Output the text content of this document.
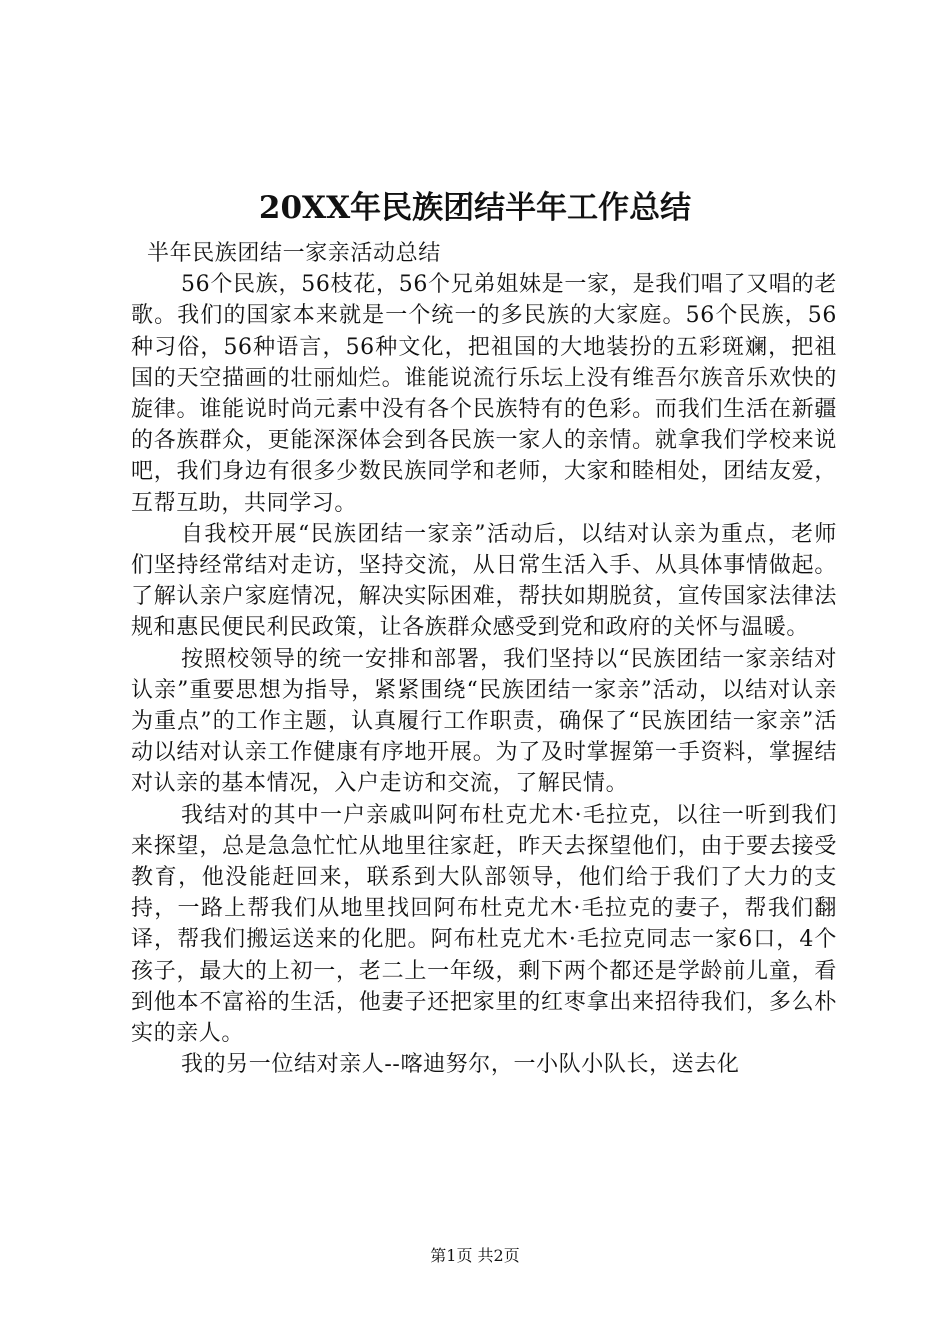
20XX年民族团结半年工作总结

半年民族团结一家亲活动总结

56个民族，56枝花，56个兄弟姐妹是一家，是我们唱了又唱的老歌。我们的国家本来就是一个统一的多民族的大家庭。56个民族，56种习俗，56种语言，56种文化，把祖国的大地装扮的五彩斑斓，把祖国的天空描画的壮丽灿烂。谁能说流行乐坛上没有维吾尔族音乐欢快的旋律。谁能说时尚元素中没有各个民族特有的色彩。而我们生活在新疆的各族群众，更能深深体会到各民族一家人的亲情。就拿我们学校来说吧，我们身边有很多少数民族同学和老师，大家和睦相处，团结友爱，互帮互助，共同学习。

自我校开展“民族团结一家亲”活动后，以结对认亲为重点，老师们坚持经常结对走访，坚持交流，从日常生活入手、从具体事情做起。了解认亲户家庭情况，解决实际困难，帮扶如期脱贫，宣传国家法律法规和惠民便民利民政策，让各族群众感受到党和政府的关怀与温暖。

按照校领导的统一安排和部署，我们坚持以“民族团结一家亲结对认亲”重要思想为指导，紧紧围绕“民族团结一家亲”活动，以结对认亲为重点”的工作主题，认真履行工作职责，确保了“民族团结一家亲”活动以结对认亲工作健康有序地开展。为了及时掌握第一手资料，掌握结对认亲的基本情况，入户走访和交流，了解民情。

我结对的其中一户亲戚叫阿布杜克尤木·毛拉克，以往一听到我们来探望，总是急急忙忙从地里往家赶，昨天去探望他们，由于要去接受教育，他没能赶回来，联系到大队部领导，他们给于我们了大力的支持，一路上帮我们从地里找回阿布杜克尤木·毛拉克的妻子，帮我们翻译，帮我们搬运送来的化肥。阿布杜克尤木·毛拉克同志一家6口，4个孩子，最大的上初一，老二上一年级，剩下两个都还是学龄前儿童，看到他本不富裕的生活，他妻子还把家里的红枣拿出来招待我们，多么朴实的亲人。

我的另一位结对亲人--喀迪努尔，一小队小队长，送去化

第1页 共2页
